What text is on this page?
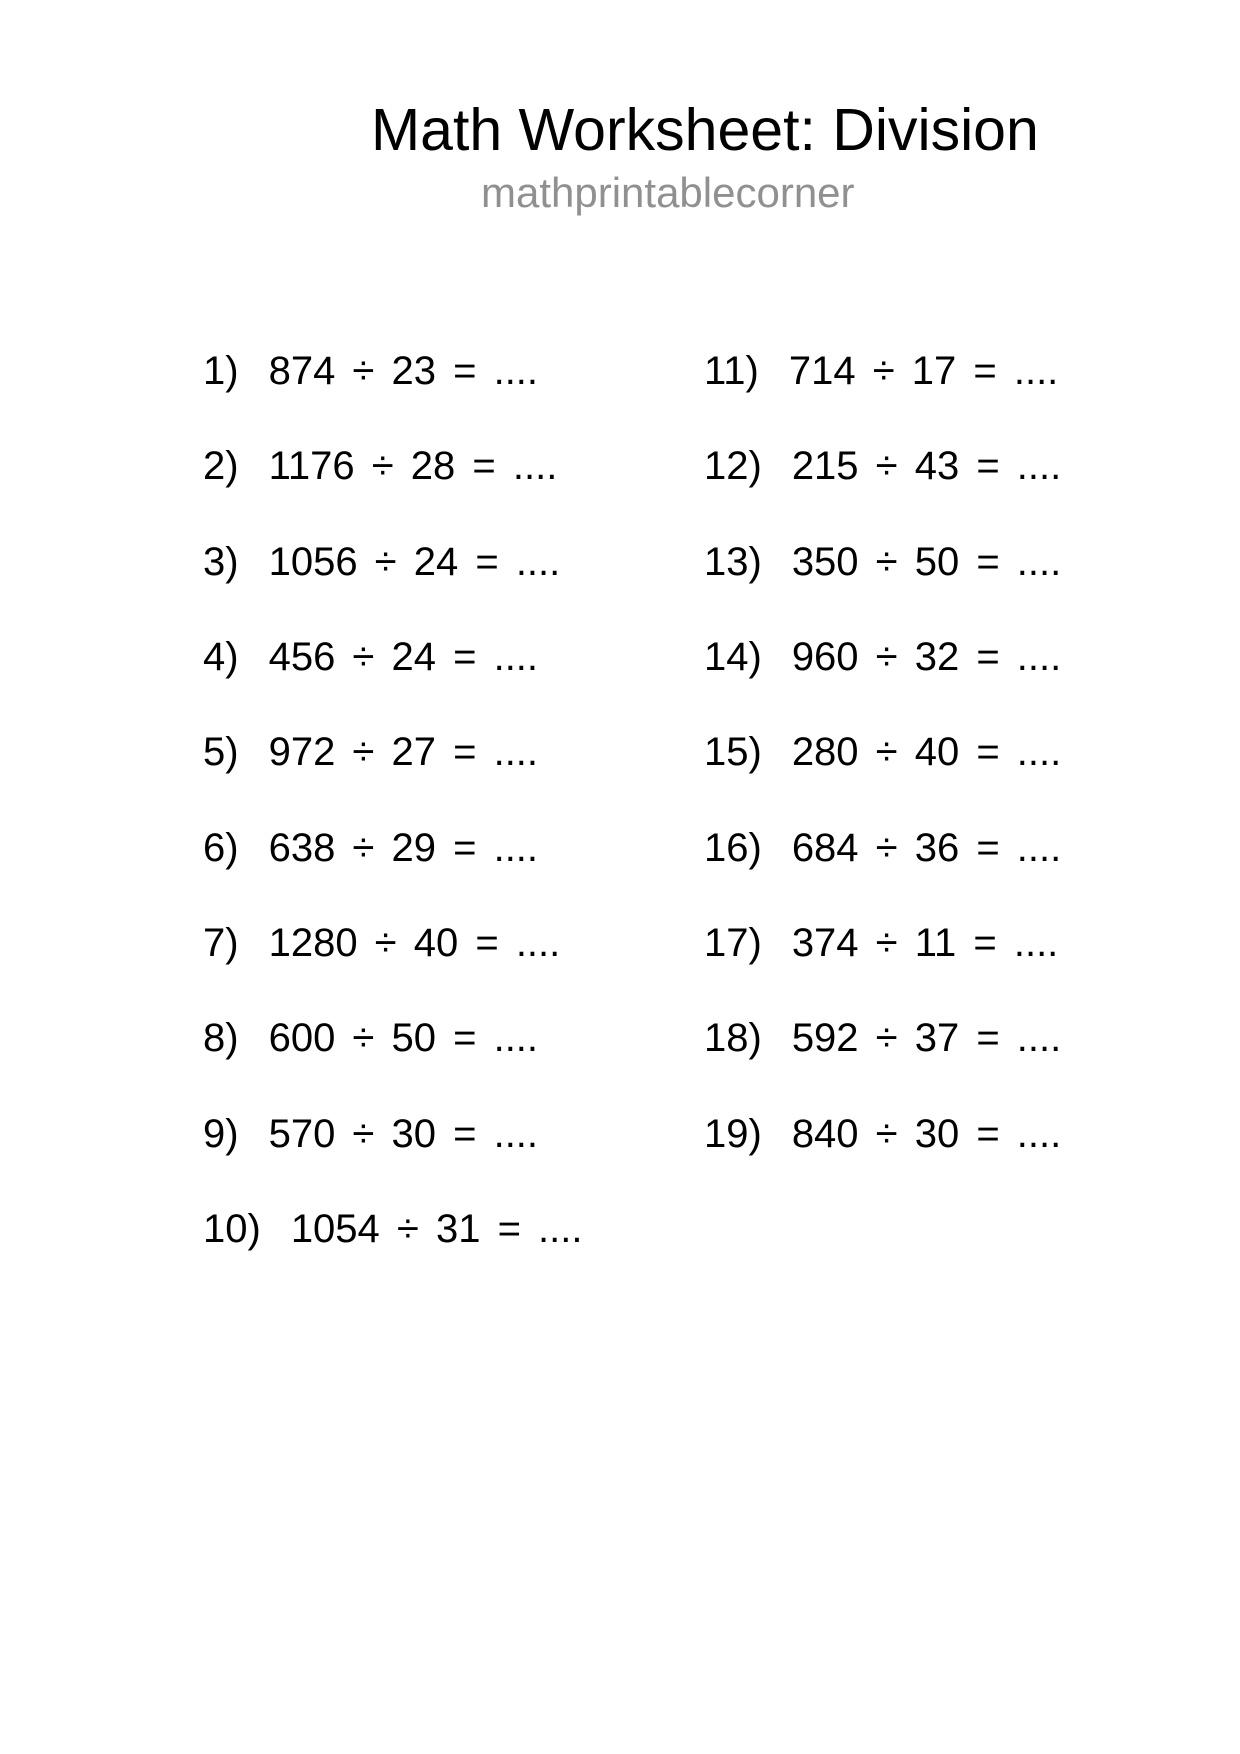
Math Worksheet: Division
mathprintablecorner
1) 874 ÷ 23 = ....
2) 1176 ÷ 28 = ....
3) 1056 ÷ 24 = ....
4) 456 ÷ 24 = ....
5) 972 ÷ 27 = ....
6) 638 ÷ 29 = ....
7) 1280 ÷ 40 = ....
8) 600 ÷ 50 = ....
9) 570 ÷ 30 = ....
10) 1054 ÷ 31 = ....
11) 714 ÷ 17 = ....
12) 215 ÷ 43 = ....
13) 350 ÷ 50 = ....
14) 960 ÷ 32 = ....
15) 280 ÷ 40 = ....
16) 684 ÷ 36 = ....
17) 374 ÷ 11 = ....
18) 592 ÷ 37 = ....
19) 840 ÷ 30 = ....
